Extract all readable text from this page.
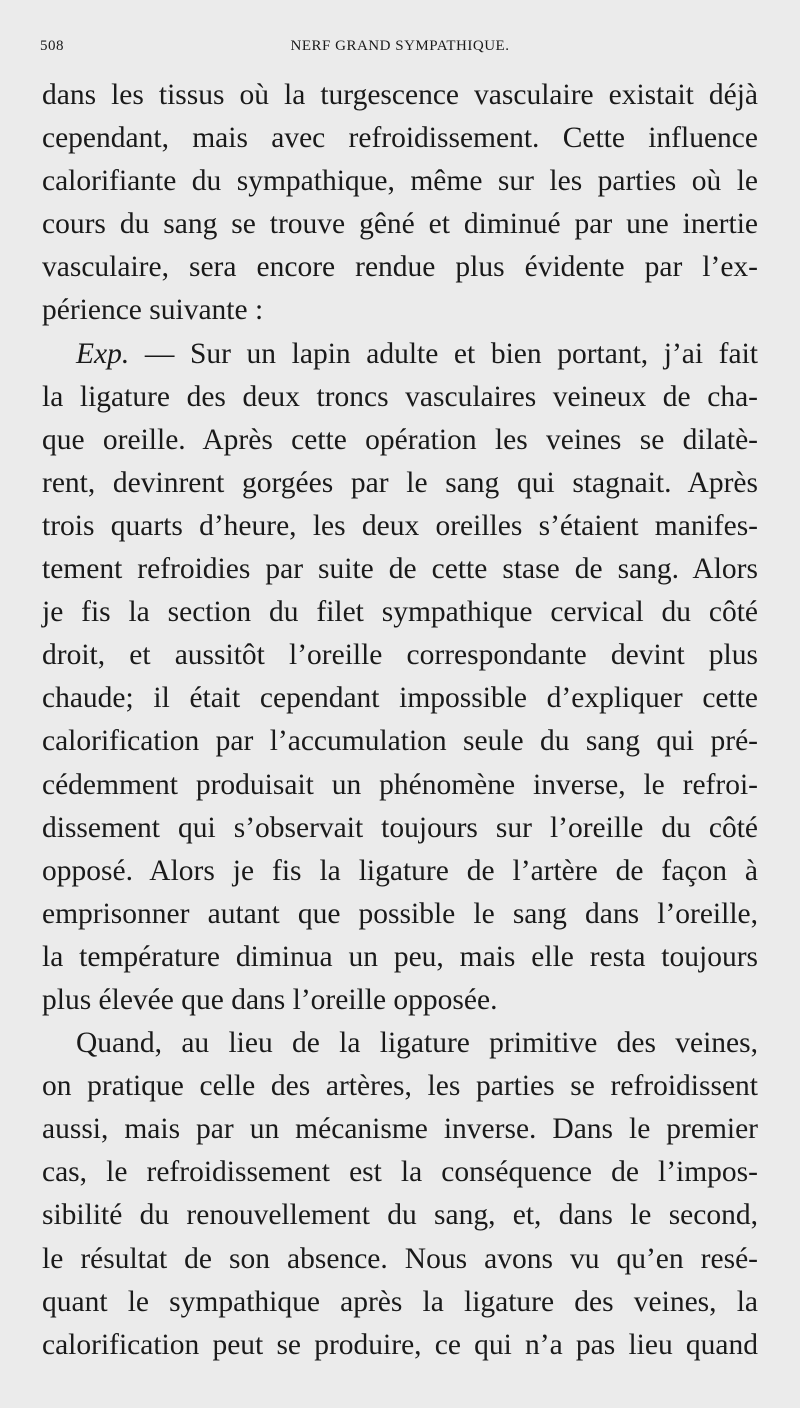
508	NERF GRAND SYMPATHIQUE.
dans les tissus où la turgescence vasculaire existait déjà
cependant, mais avec refroidissement. Cette influence
calorifiante du sympathique, même sur les parties où le
cours du sang se trouve gêné et diminué par une inertie
vasculaire, sera encore rendue plus évidente par l’ex-
périence suivante :
Exp. — Sur un lapin adulte et bien portant, j’ai fait
la ligature des deux troncs vasculaires veineux de cha-
que oreille. Après cette opération les veines se dilatè-
rent, devinrent gorgées par le sang qui stagnait. Après
trois quarts d’heure, les deux oreilles s’étaient manifes-
tement refroidies par suite de cette stase de sang. Alors
je fis la section du filet sympathique cervical du côté
droit, et aussitôt l’oreille correspondante devint plus
chaude; il était cependant impossible d’expliquer cette
calorification par l’accumulation seule du sang qui pré-
cédemment produisait un phénomène inverse, le refroi-
dissement qui s’observait toujours sur l’oreille du côté
opposé. Alors je fis la ligature de l’artère de façon à
emprisonner autant que possible le sang dans l’oreille,
la température diminua un peu, mais elle resta toujours
plus élevée que dans l’oreille opposée.
Quand, au lieu de la ligature primitive des veines,
on pratique celle des artères, les parties se refroidissent
aussi, mais par un mécanisme inverse. Dans le premier
cas, le refroidissement est la conséquence de l’impos-
sibilité du renouvellement du sang, et, dans le second,
le résultat de son absence. Nous avons vu qu’en resé-
quant le sympathique après la ligature des veines, la
calorification peut se produire, ce qui n’a pas lieu quand
